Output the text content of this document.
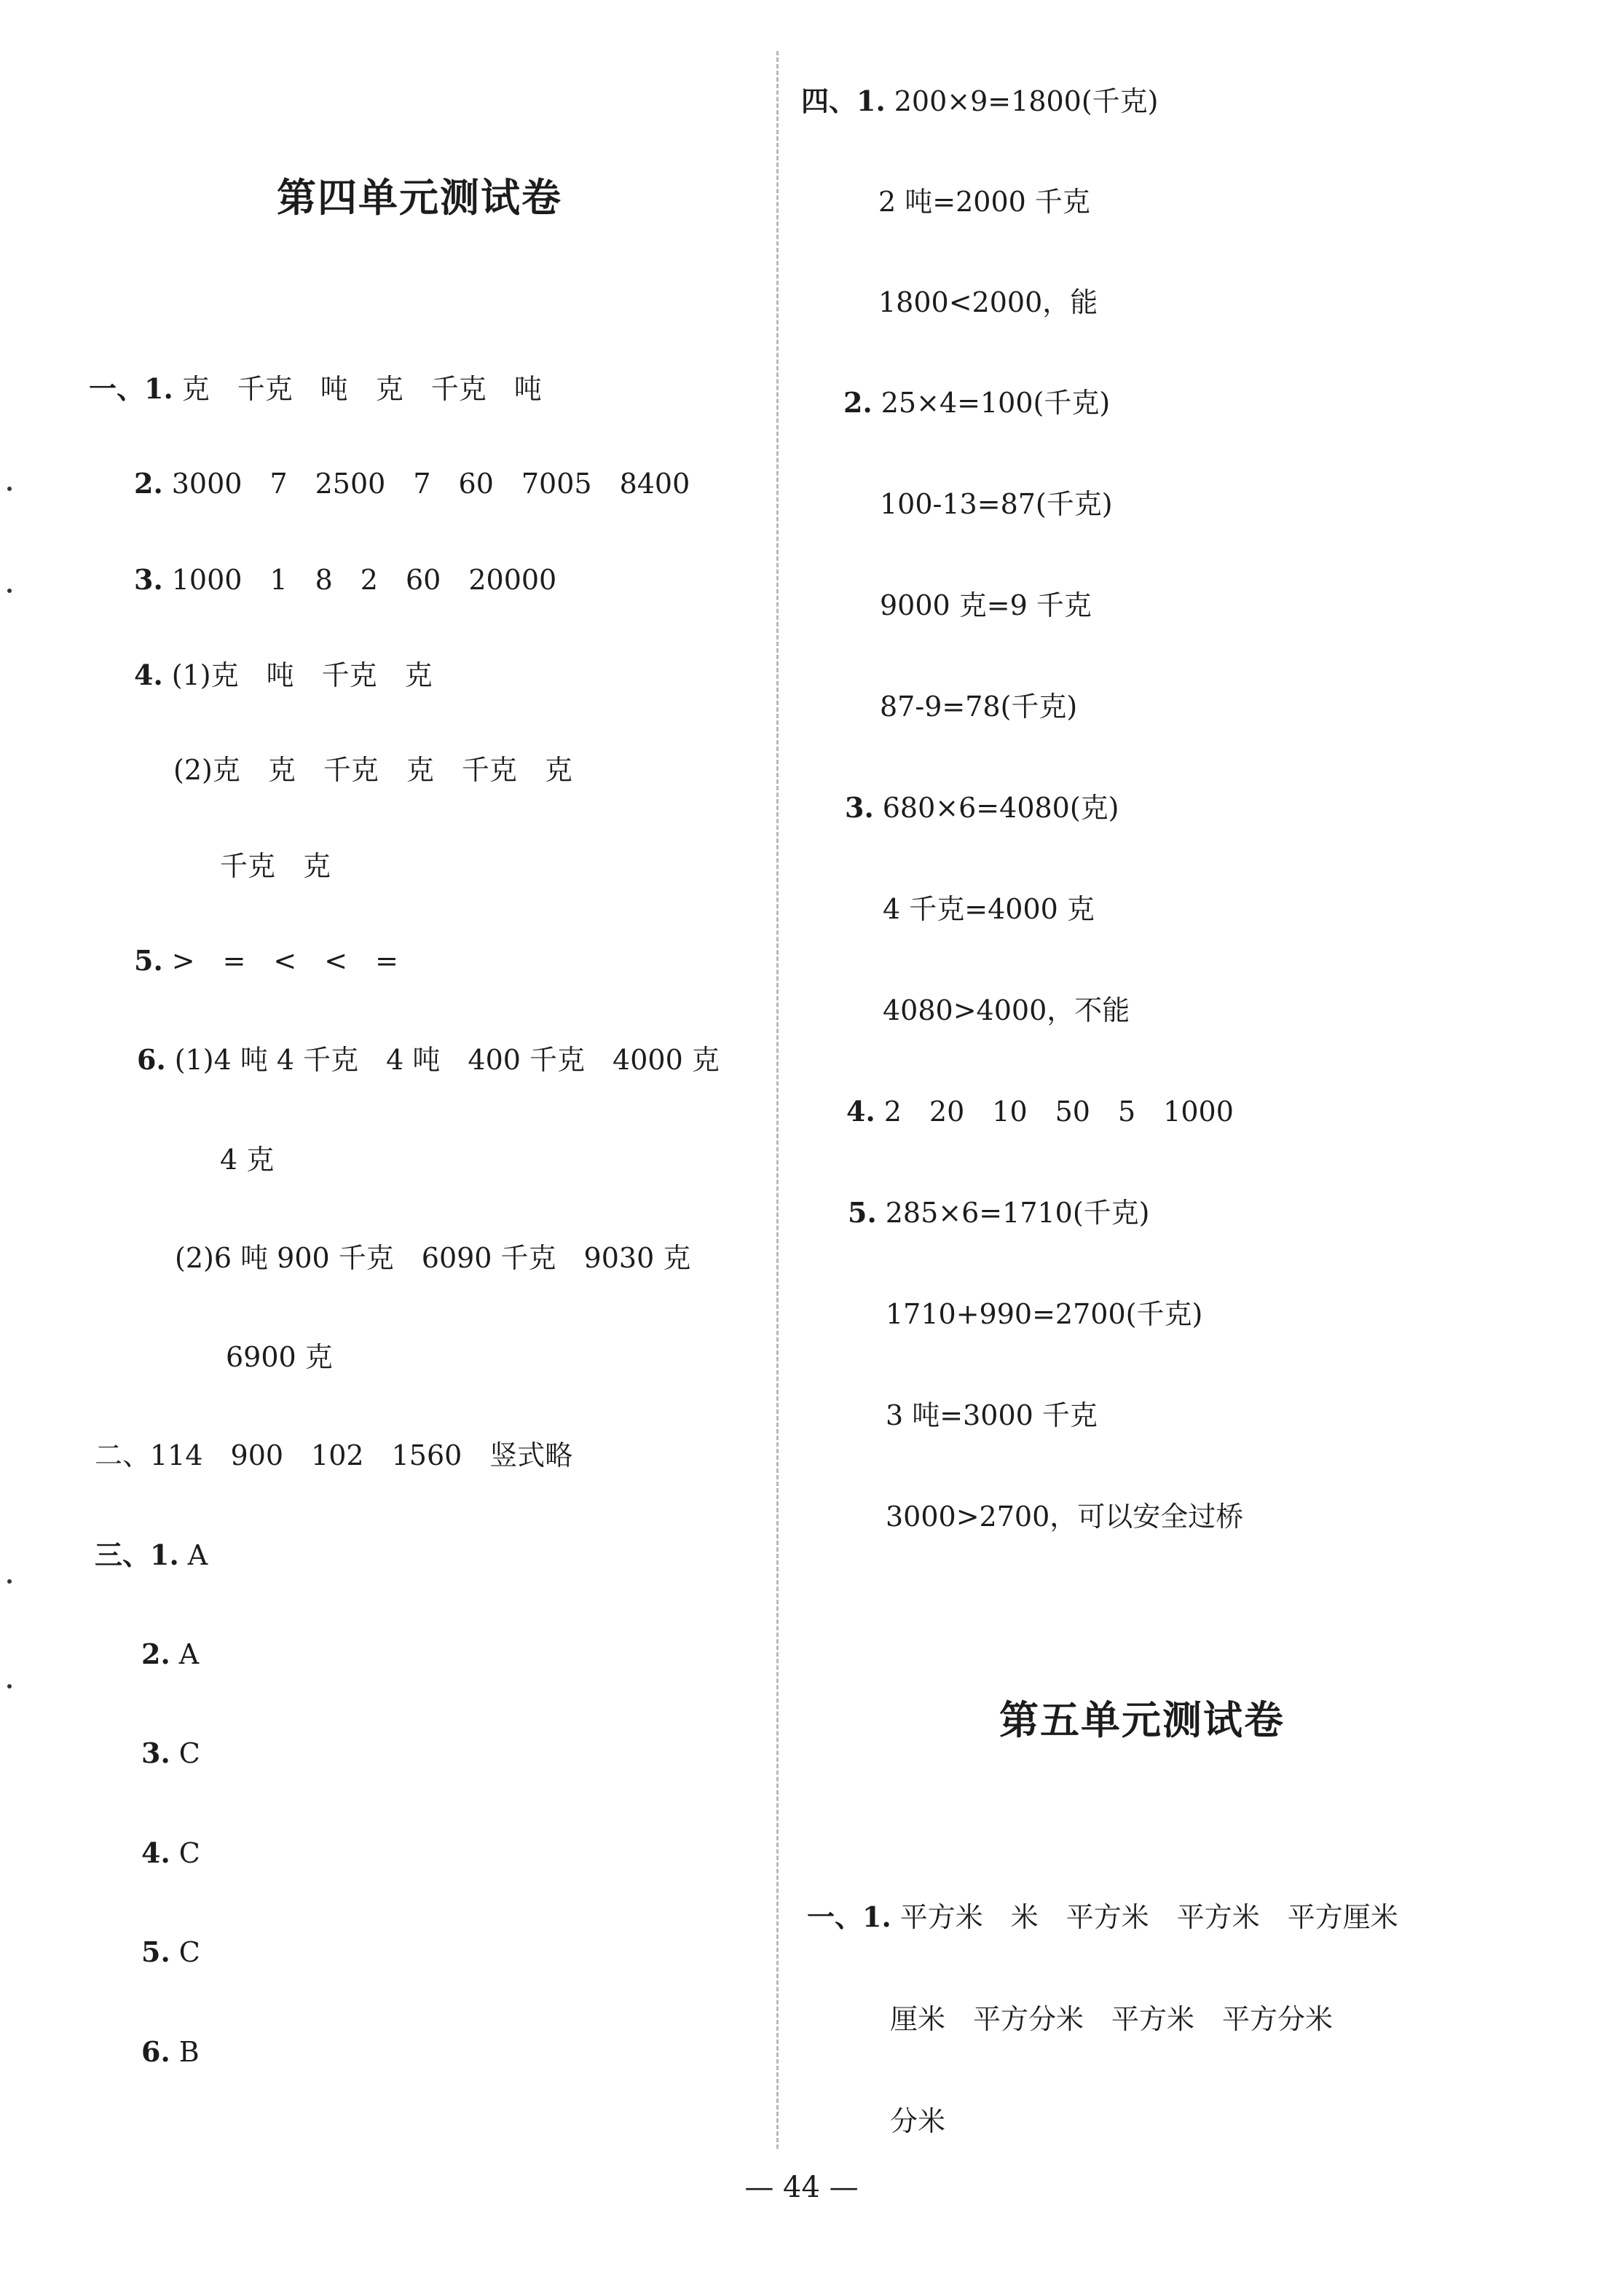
第四单元测试卷
一、1. 克　千克　吨　克　千克　吨
2. 3000　7　2500　7　60　7005　8400
3. 1000　1　8　2　60　20000
4. (1)克　吨　千克　克
(2)克　克　千克　克　千克　克
千克　克
5. >　=　<　<　=
6. (1)4 吨 4 千克　4 吨　400 千克　4000 克
4 克
(2)6 吨 900 千克　6090 千克　9030 克
6900 克
二、114　900　102　1560　竖式略
三、1. A
2. A
3. C
4. C
5. C
6. B
四、1. 200×9=1800(千克)
2 吨=2000 千克
1800<2000，能
2. 25×4=100(千克)
100-13=87(千克)
9000 克=9 千克
87-9=78(千克)
3. 680×6=4080(克)
4 千克=4000 克
4080>4000，不能
4. 2　20　10　50　5　1000
5. 285×6=1710(千克)
1710+990=2700(千克)
3 吨=3000 千克
3000>2700，可以安全过桥
第五单元测试卷
一、1. 平方米　米　平方米　平方米　平方厘米
厘米　平方分米　平方米　平方分米
分米
— 44 —
